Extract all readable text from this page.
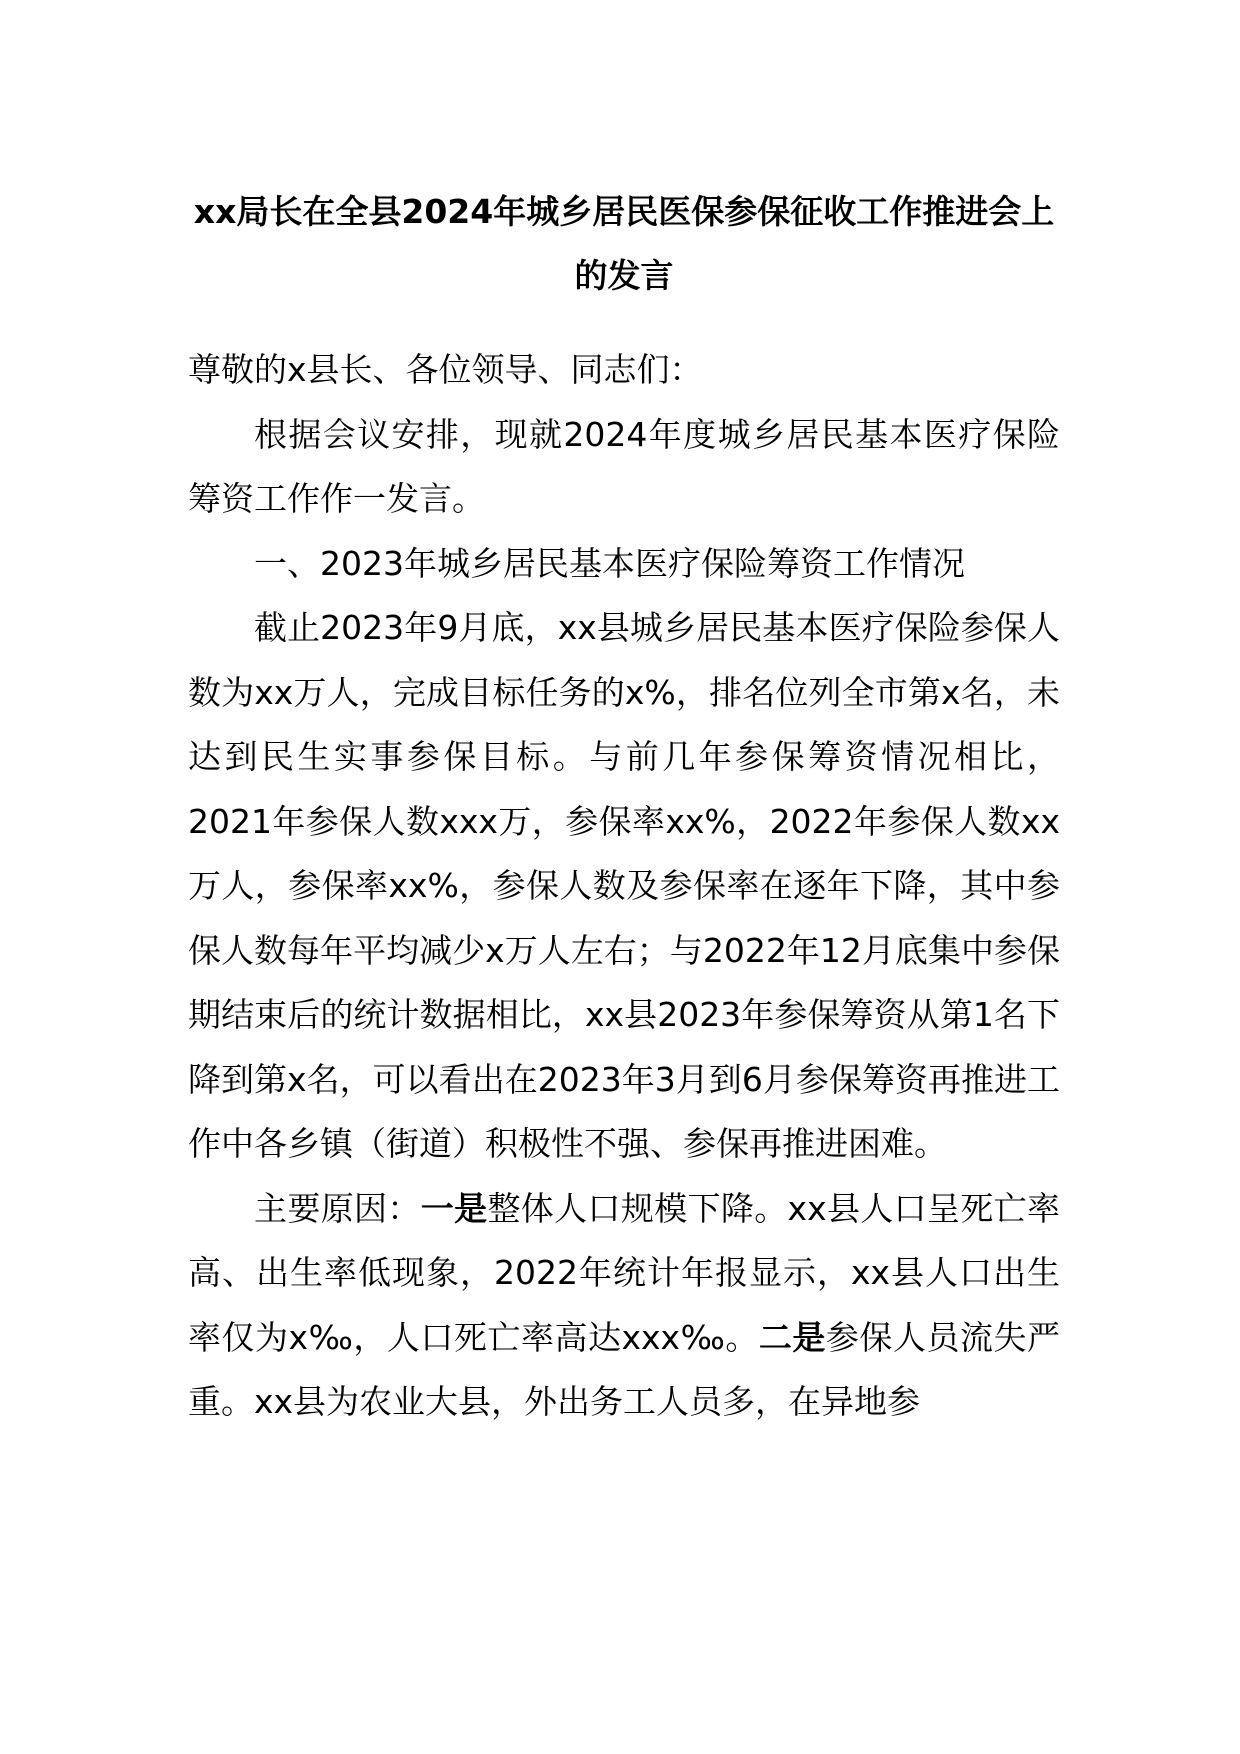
xx局长在全县2024年城乡居民医保参保征收工作推进会上的发言

尊敬的x县长、各位领导、同志们：

根据会议安排，现就2024年度城乡居民基本医疗保险筹资工作作一发言。

一、2023年城乡居民基本医疗保险筹资工作情况

截止2023年9月底，xx县城乡居民基本医疗保险参保人数为xx万人，完成目标任务的x%，排名位列全市第x名，未达到民生实事参保目标。与前几年参保筹资情况相比，2021年参保人数xxx万，参保率xx%，2022年参保人数xx万人，参保率xx%，参保人数及参保率在逐年下降，其中参保人数每年平均减少x万人左右；与2022年12月底集中参保期结束后的统计数据相比，xx县2023年参保筹资从第1名下降到第x名，可以看出在2023年3月到6月参保筹资再推进工作中各乡镇（街道）积极性不强、参保再推进困难。

主要原因：一是整体人口规模下降。xx县人口呈死亡率高、出生率低现象，2022年统计年报显示，xx县人口出生率仅为x‰，人口死亡率高达xxx‰。二是参保人员流失严重。xx县为农业大县，外出务工人员多，在异地参
